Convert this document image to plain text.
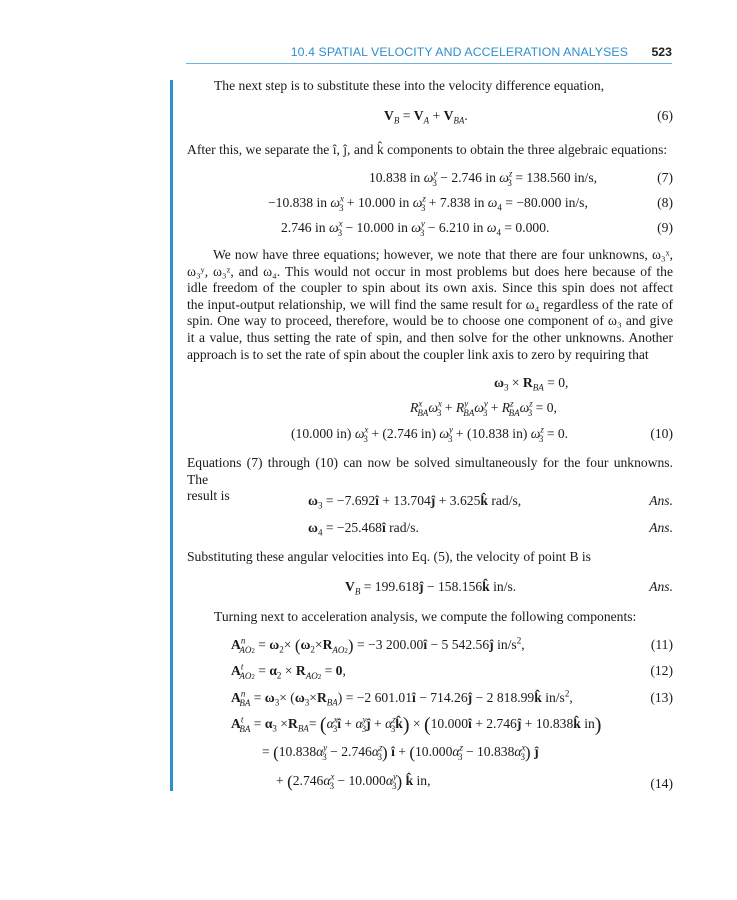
10.4 SPATIAL VELOCITY AND ACCELERATION ANALYSES 523
The next step is to substitute these into the velocity difference equation,
$V_B = V_A + V_{BA}$.	(6)
After this, we separate the î, ĵ, and k̂ components to obtain the three algebraic equations:
10.838 in $\omega^y_3 - 2.746$ in $\omega^z_3 = 138.560$ in/s,	(7)
−10.838 in $\omega^x_3 + 10.000$ in $\omega^z_3 + 7.838$ in $\omega_4 = -80.000$ in/s,	(8)
2.746 in $\omega^x_3 - 10.000$ in $\omega^y_3 - 6.210$ in $\omega_4 = 0.000$.	(9)
We now have three equations; however, we note that there are four unknowns, ω₃ˣ,
ω₃ʸ, ω₃ᶻ, and ω₄. This would not occur in most problems but does here because of the
idle freedom of the coupler to spin about its own axis. Since this spin does not affect
the input-output relationship, we will find the same result for ω₄ regardless of the rate of
spin. One way to proceed, therefore, would be to choose one component of ω₃ and give
it a value, thus setting the rate of spin, and then solve for the other unknowns. Another
approach is to set the rate of spin about the coupler link axis to zero by requiring that
$\omega_3 \times R_{BA} = 0$,
$R^x_{BA}\omega^x_3 + R^y_{BA}\omega^y_3 + R^z_{BA}\omega^z_3 = 0$,
(10.000 in) $\omega^x_3 + (2.746$ in) $\omega^y_3 + (10.838$ in) $\omega^z_3 = 0$.	(10)
Equations (7) through (10) can now be solved simultaneously for the four unknowns. The
result is	$\omega_3$ = −7.692î + 13.704ĵ + 3.625k̂ rad/s,	Ans.
$\omega_4$ = −25.468î rad/s.	Ans.
Substituting these angular velocities into Eq. (5), the velocity of point B is
$V_B$ = 199.618ĵ − 158.156k̂ in/s.	Ans.
Turning next to acceleration analysis, we compute the following components:
$A^n_{AO2} = \omega_2\times (\omega_2\times R_{AO2}) = -3$ 200.00î − 5 542.56ĵ $in/s^2$,	(11)
$A^t_{AO2} = \alpha_2 \times R_{AO2} = 0$,	(12)
$A^n_{BA} = \omega_3\times (\omega_3\times R_{BA}) = -2$ 601.01î − 714.26ĵ − 2 818.99k̂ $in/s^2$,	(13)
$A^t_{BA} = \alpha_3 \times R_{BA}=$ ($\alpha^x_3î$ + $\alpha^y_3ĵ$ + $\alpha^z_3k̂$) × (10.000î + 2.746ĵ + 10.838k̂ in)
= $(10.838\alpha^y_3 - 2.746\alpha^z_3)$ î + $(10.000\alpha^z_3 - 10.838\alpha^x_3)$ ĵ
+ $(2.746\alpha^x_3 - 10.000\alpha^y_3)$ k̂ in,	(14)
